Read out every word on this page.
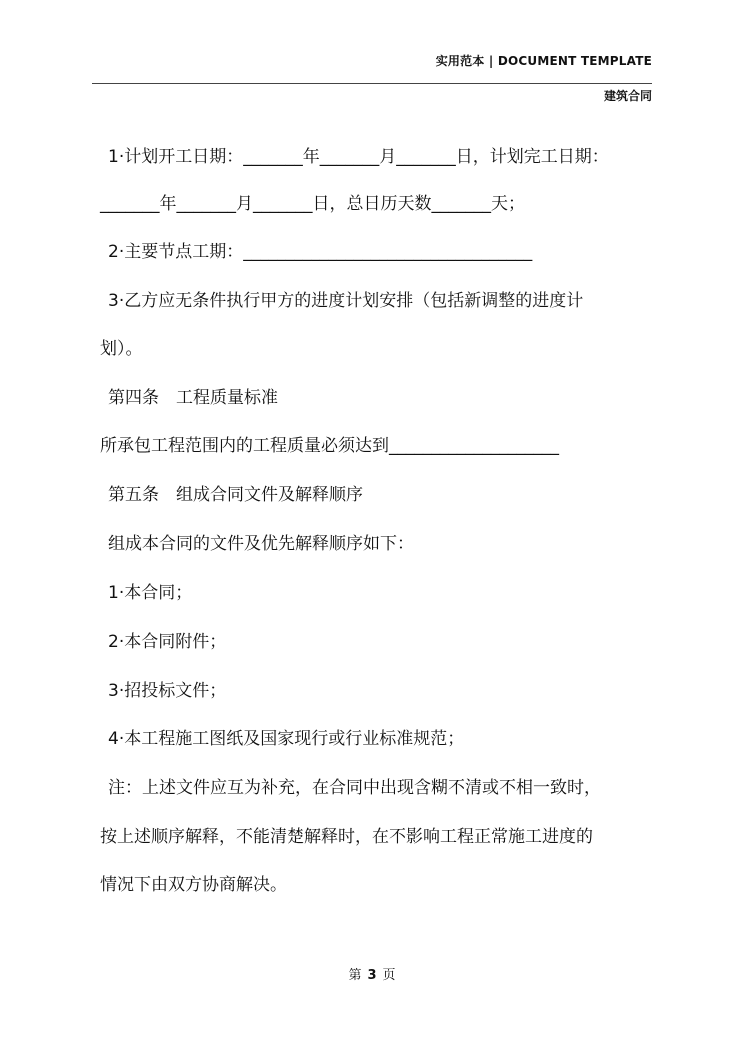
实用范本 | DOCUMENT TEMPLATE
建筑合同
1·计划开工日期：_______年_______月_______日，计划完工日期：
_______年_______月_______日，总日历天数_______天；
2·主要节点工期：__________________________________
3·乙方应无条件执行甲方的进度计划安排（包括新调整的进度计
划）。
第四条　工程质量标准
所承包工程范围内的工程质量必须达到____________________
第五条　组成合同文件及解释顺序
组成本合同的文件及优先解释顺序如下：
1·本合同；
2·本合同附件；
3·招投标文件；
4·本工程施工图纸及国家现行或行业标准规范；
注：上述文件应互为补充，在合同中出现含糊不清或不相一致时，
按上述顺序解释，不能清楚解释时，在不影响工程正常施工进度的
情况下由双方协商解决。
第 3 页
